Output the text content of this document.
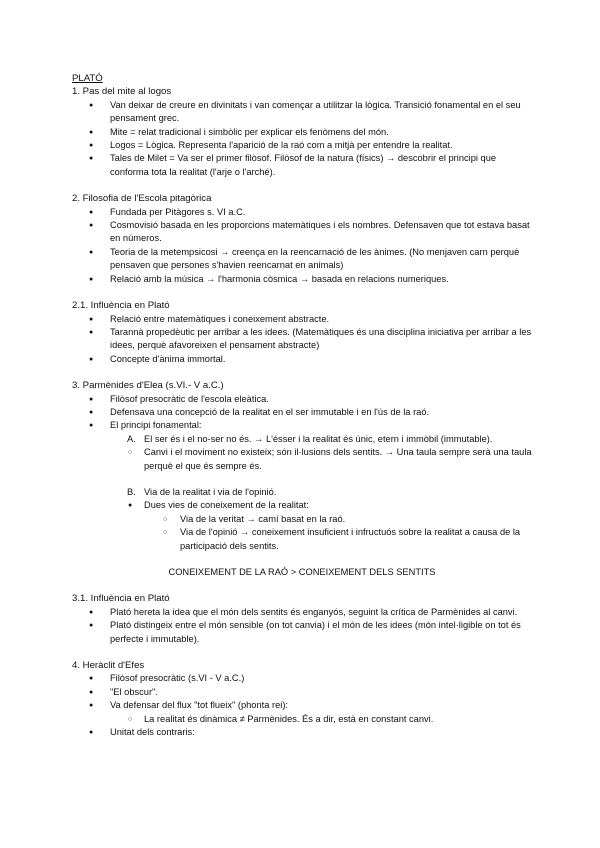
PLATÓ

1. Pas del mite al logos

● Van deixar de creure en divinitats i van començar a utilitzar la lògica. Transició fonamental en el seu pensament grec.
● Mite = relat tradicional i simbòlic per explicar els fenòmens del món.
● Logos = Lògica. Representa l'aparició de la raó com a mitjà per entendre la realitat.
● Tales de Milet = Va ser el primer filòsof. Filòsof de la natura (físics) → descobrir el principi que conforma tota la realitat (l'arje o l'arché).

2. Filosofia de l'Escola pitagòrica

● Fundada per Pitàgores s. VI a.C.
● Cosmovisió basada en les proporcions matemàtiques i els nombres. Defensaven que tot estava basat en números.
● Teoria de la metempsicosi → creença en la reencarnació de les ànimes. (No menjaven carn perquè pensaven que persones s'havien reencarnat en animals)
● Relació amb la música → l'harmonia còsmica → basada en relacions numeriques.

2.1. Influència en Plató

● Relació entre matemàtiques i coneixement abstracte.
● Tarannà propedèutic per arribar a les idees. (Matemàtiques és una disciplina iniciativa per arribar a les idees, perquè afavoreixen el pensament abstracte)
● Concepte d'ànima immortal.

3. Parmènides d'Elea (s.VI.- V a.C.)

● Filòsof presocràtic de l'escola eleàtica.
● Defensava una concepció de la realitat en el ser immutable i en l'ús de la raó.
● El principi fonamental:
A. El ser és i el no-ser no és. → L'ésser i la realitat és únic, etern i immòbil (immutable).
○ Canvi i el moviment no existeix; són il·lusions dels sentits. → Una taula sempre serà una taula perquè el que és sempre és.
B. Via de la realitat i via de l'opinió.
● Dues vies de coneixement de la realitat:
○ Via de la veritat → camí basat en la raó.
○ Via de l'opinió → coneixement insuficient i infructuós sobre la realitat a causa de la participació dels sentits.

CONEIXEMENT DE LA RAÓ > CONEIXEMENT DELS SENTITS

3.1. Influència en Plató

● Plató hereta la idea que el món dels sentits és enganyós, seguint la crítica de Parmènides al canvi.
● Plató distingeix entre el món sensible (on tot canvia) i el món de les idees (món intel·ligible on tot és perfecte i immutable).

4. Heràclit d'Efes

● Filòsof presocràtic (s.VI - V a.C.)
● "El obscur".
● Va defensar del flux "tot flueix" (phonta rei):
○ La realitat és dinàmica ≠ Parmènides. És a dir, està en constant canvi.
● Unitat dels contraris:
